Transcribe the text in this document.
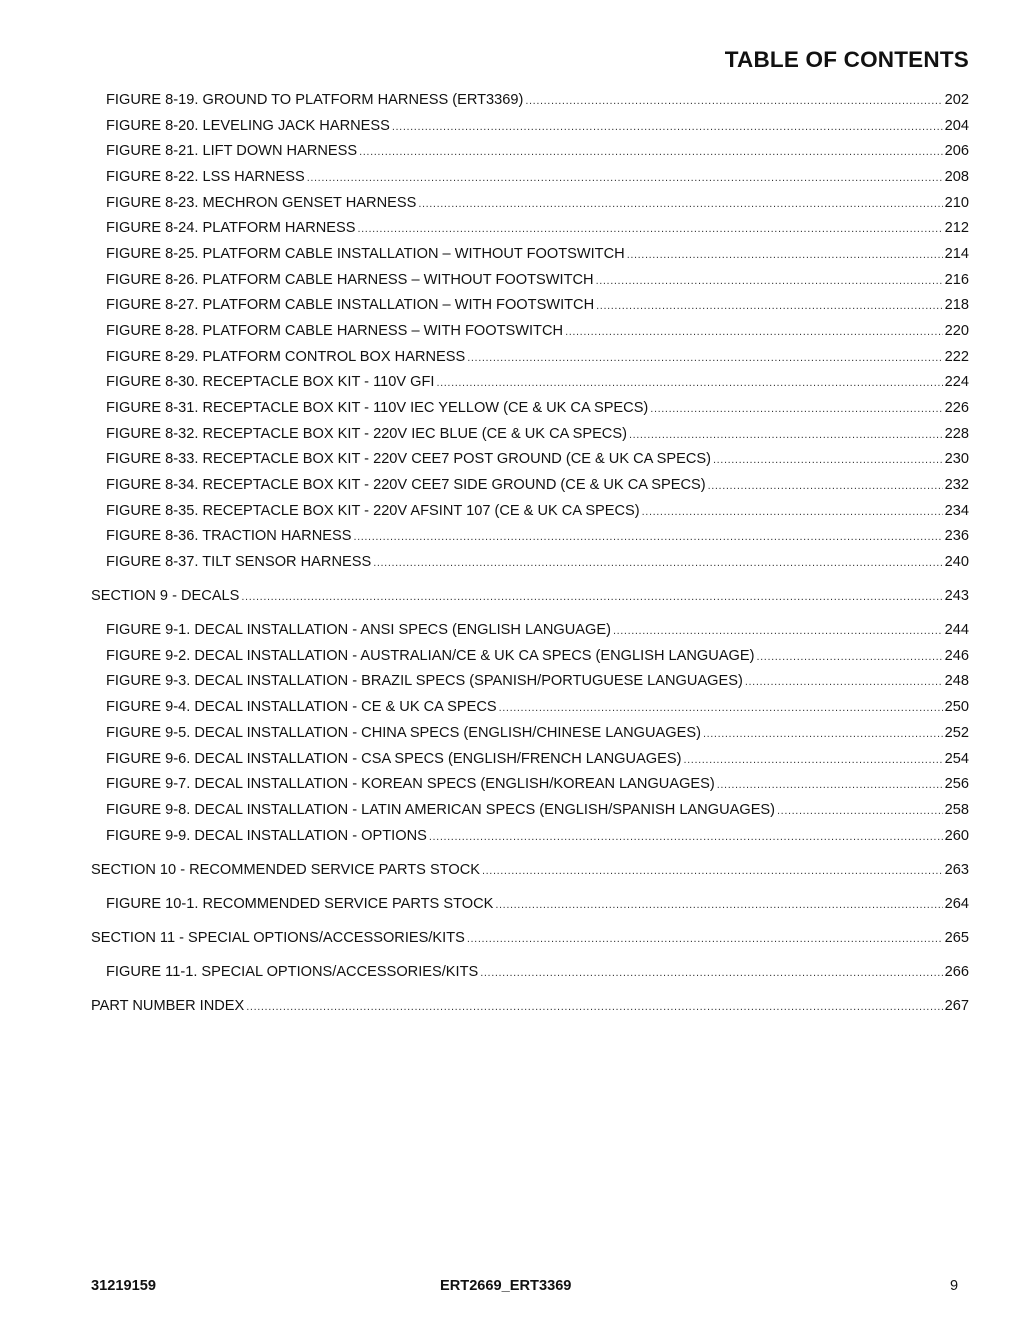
TABLE OF CONTENTS
FIGURE 8-19. GROUND TO PLATFORM HARNESS (ERT3369) .....	202
FIGURE 8-20. LEVELING JACK HARNESS .....	204
FIGURE 8-21. LIFT DOWN HARNESS .....	206
FIGURE 8-22. LSS HARNESS .....	208
FIGURE 8-23. MECHRON GENSET HARNESS .....	210
FIGURE 8-24. PLATFORM HARNESS .....	212
FIGURE 8-25. PLATFORM CABLE INSTALLATION – WITHOUT FOOTSWITCH .....	214
FIGURE 8-26. PLATFORM CABLE HARNESS – WITHOUT FOOTSWITCH .....	216
FIGURE 8-27. PLATFORM CABLE INSTALLATION – WITH FOOTSWITCH .....	218
FIGURE 8-28. PLATFORM CABLE HARNESS – WITH FOOTSWITCH .....	220
FIGURE 8-29. PLATFORM CONTROL BOX HARNESS .....	222
FIGURE 8-30. RECEPTACLE BOX KIT - 110V GFI .....	224
FIGURE 8-31. RECEPTACLE BOX KIT - 110V IEC YELLOW (CE & UK CA SPECS) .....	226
FIGURE 8-32. RECEPTACLE BOX KIT - 220V IEC BLUE (CE & UK CA SPECS) .....	228
FIGURE 8-33. RECEPTACLE BOX KIT - 220V CEE7 POST GROUND (CE & UK CA SPECS) .....	230
FIGURE 8-34. RECEPTACLE BOX KIT - 220V CEE7 SIDE GROUND (CE & UK CA SPECS) .....	232
FIGURE 8-35. RECEPTACLE BOX KIT - 220V AFSINT 107 (CE & UK CA SPECS) .....	234
FIGURE 8-36. TRACTION HARNESS .....	236
FIGURE 8-37. TILT SENSOR HARNESS .....	240
SECTION 9 - DECALS .....	243
FIGURE 9-1. DECAL INSTALLATION - ANSI SPECS (ENGLISH LANGUAGE) .....	244
FIGURE 9-2. DECAL INSTALLATION - AUSTRALIAN/CE & UK CA SPECS (ENGLISH LANGUAGE) .....	246
FIGURE 9-3. DECAL INSTALLATION - BRAZIL SPECS (SPANISH/PORTUGUESE LANGUAGES) .....	248
FIGURE 9-4. DECAL INSTALLATION - CE & UK CA SPECS .....	250
FIGURE 9-5. DECAL INSTALLATION - CHINA SPECS (ENGLISH/CHINESE LANGUAGES) .....	252
FIGURE 9-6. DECAL INSTALLATION - CSA SPECS (ENGLISH/FRENCH LANGUAGES) .....	254
FIGURE 9-7. DECAL INSTALLATION - KOREAN SPECS (ENGLISH/KOREAN LANGUAGES) .....	256
FIGURE 9-8. DECAL INSTALLATION - LATIN AMERICAN SPECS (ENGLISH/SPANISH LANGUAGES) .....	258
FIGURE 9-9. DECAL INSTALLATION - OPTIONS .....	260
SECTION 10 - RECOMMENDED SERVICE PARTS STOCK .....	263
FIGURE 10-1. RECOMMENDED SERVICE PARTS STOCK .....	264
SECTION 11 - SPECIAL OPTIONS/ACCESSORIES/KITS .....	265
FIGURE 11-1. SPECIAL OPTIONS/ACCESSORIES/KITS .....	266
PART NUMBER INDEX .....	267
31219159	ERT2669_ERT3369	9
